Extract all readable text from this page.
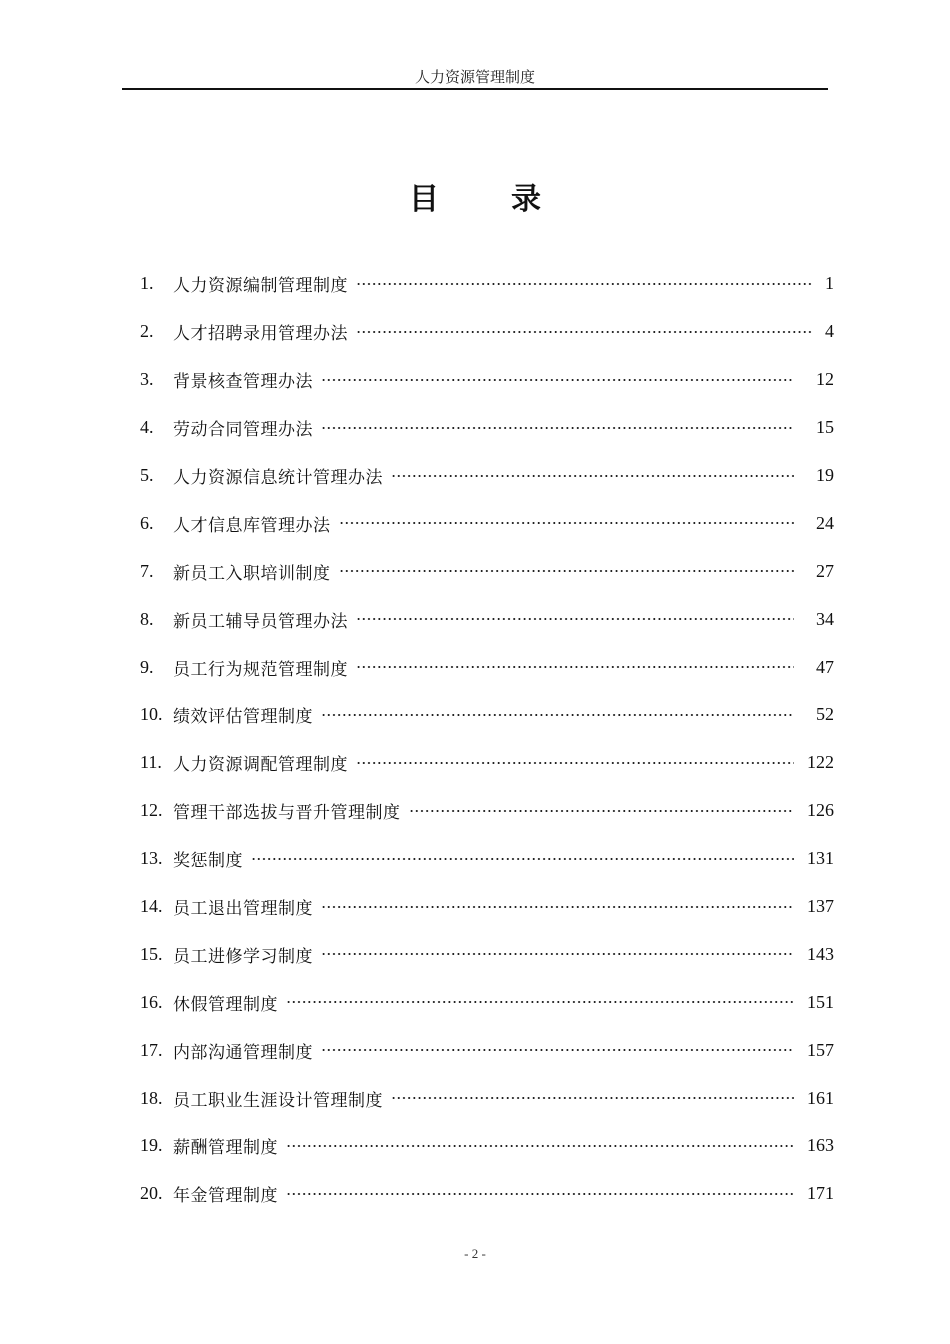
人力资源管理制度
目 录
1.	人力资源编制管理制度	1
2.	人才招聘录用管理办法	4
3.	背景核查管理办法	12
4.	劳动合同管理办法	15
5.	人力资源信息统计管理办法	19
6.	人才信息库管理办法	24
7.	新员工入职培训制度	27
8.	新员工辅导员管理办法	34
9.	员工行为规范管理制度	47
10. 绩效评估管理制度	52
11. 人力资源调配管理制度	122
12. 管理干部选拔与晋升管理制度	126
13. 奖惩制度	131
14. 员工退出管理制度	137
15. 员工进修学习制度	143
16. 休假管理制度	151
17. 内部沟通管理制度	157
18. 员工职业生涯设计管理制度	161
19. 薪酬管理制度	163
20. 年金管理制度	171
- 2 -
